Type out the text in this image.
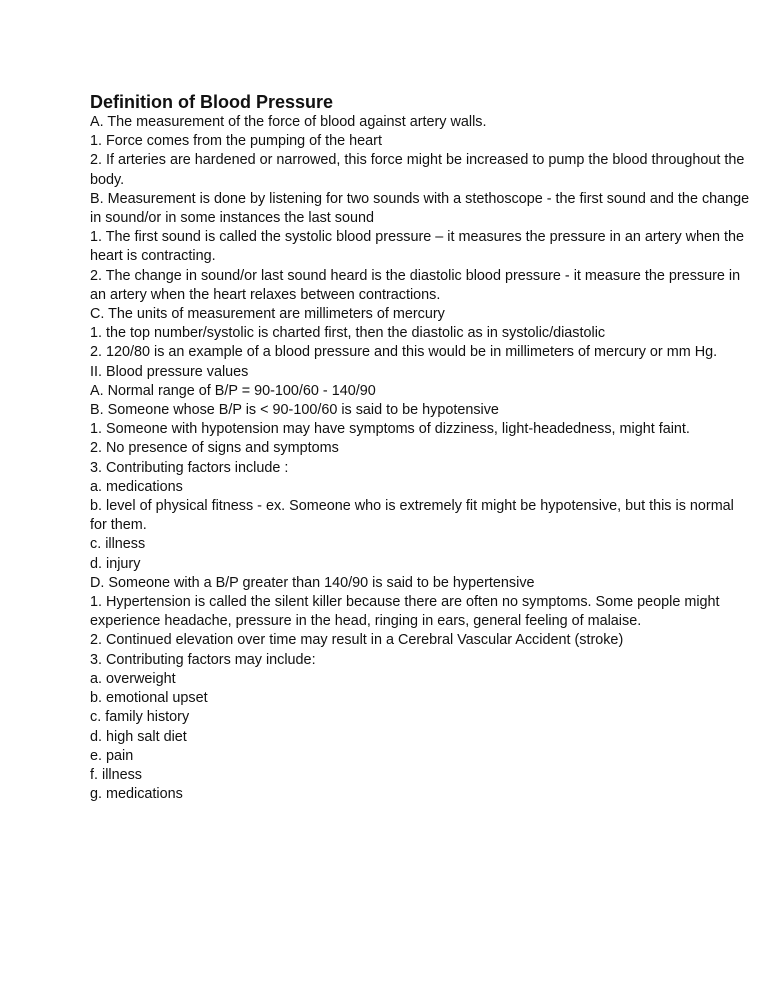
Definition of Blood Pressure
A. The measurement of the force of blood against artery walls.
1. Force comes from the pumping of the heart
2. If arteries are hardened or narrowed, this force might be increased to pump the blood throughout the body.
B. Measurement is done by listening for two sounds with a stethoscope - the first sound and the change in sound/or in some instances the last sound
1. The first sound is called the systolic blood pressure – it measures the pressure in an artery when the heart is contracting.
2. The change in sound/or last sound heard is the diastolic blood pressure - it measure the pressure in an artery when the heart relaxes between contractions.
C. The units of measurement are millimeters of mercury
1. the top number/systolic is charted first, then the diastolic as in systolic/diastolic
2. 120/80 is an example of a blood pressure and this would be in millimeters of mercury or mm Hg.
II. Blood pressure values
A. Normal range of B/P = 90-100/60 - 140/90
B. Someone whose B/P is < 90-100/60 is said to be hypotensive
1. Someone with hypotension may have symptoms of dizziness, light-headedness, might faint.
2. No presence of signs and symptoms
3. Contributing factors include :
a. medications
b. level of physical fitness - ex. Someone who is extremely fit might be hypotensive, but this is normal for them.
c. illness
d. injury
D. Someone with a B/P greater than 140/90 is said to be hypertensive
1. Hypertension is called the silent killer because there are often no symptoms. Some people might experience headache, pressure in the head, ringing in ears, general feeling of malaise.
2. Continued elevation over time may result in a Cerebral Vascular Accident (stroke)
3. Contributing factors may include:
a. overweight
b. emotional upset
c. family history
d. high salt diet
e. pain
f. illness
g. medications
